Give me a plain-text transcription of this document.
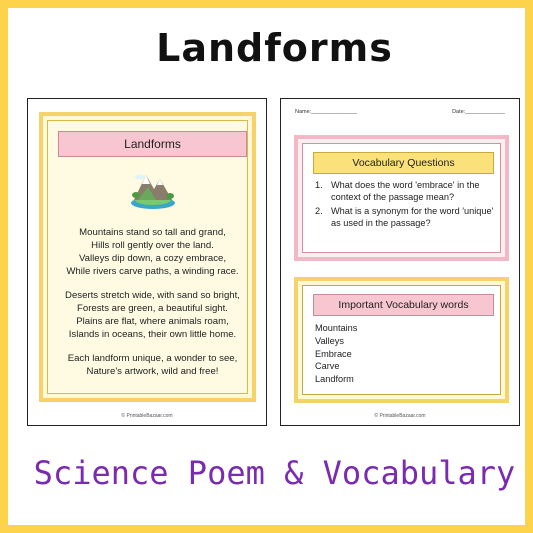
Landforms
Landforms
Mountains stand so tall and grand,
Hills roll gently over the land.
Valleys dip down, a cozy embrace,
While rivers carve paths, a winding race.
Deserts stretch wide, with sand so bright,
Forests are green, a beautiful sight.
Plains are flat, where animals roam,
Islands in oceans, their own little home.
Each landform unique, a wonder to see,
Nature's artwork, wild and free!
© PrintableBazaar.com
Name:_______________	Date:_____________
Vocabulary Questions
1. What does the word 'embrace' in the context of the passage mean?
2. What is a synonym for the word 'unique' as used in the passage?
Important Vocabulary words
Mountains
Valleys
Embrace
Carve
Landform
© PrintableBazaar.com
Science Poem & Vocabulary
